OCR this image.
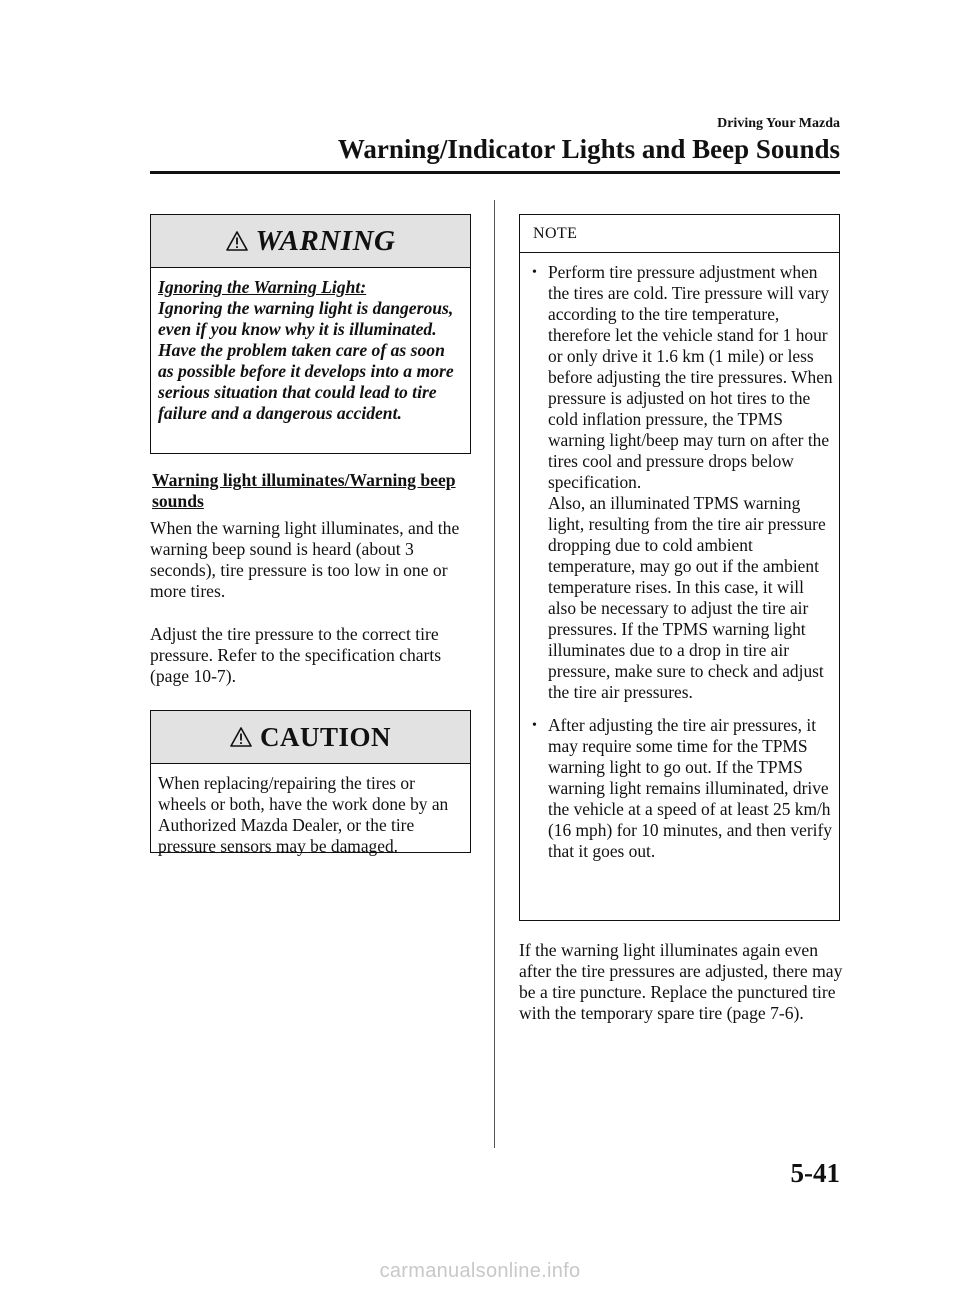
Driving Your Mazda
Warning/Indicator Lights and Beep Sounds
WARNING
Ignoring the Warning Light:
Ignoring the warning light is dangerous, even if you know why it is illuminated. Have the problem taken care of as soon as possible before it develops into a more serious situation that could lead to tire failure and a dangerous accident.
Warning light illuminates/Warning beep sounds
When the warning light illuminates, and the warning beep sound is heard (about 3 seconds), tire pressure is too low in one or more tires.
Adjust the tire pressure to the correct tire pressure. Refer to the specification charts (page 10-7).
CAUTION
When replacing/repairing the tires or wheels or both, have the work done by an Authorized Mazda Dealer, or the tire pressure sensors may be damaged.
NOTE
• Perform tire pressure adjustment when the tires are cold. Tire pressure will vary according to the tire temperature, therefore let the vehicle stand for 1 hour or only drive it 1.6 km (1 mile) or less before adjusting the tire pressures. When pressure is adjusted on hot tires to the cold inflation pressure, the TPMS warning light/beep may turn on after the tires cool and pressure drops below specification.
Also, an illuminated TPMS warning light, resulting from the tire air pressure dropping due to cold ambient temperature, may go out if the ambient temperature rises. In this case, it will also be necessary to adjust the tire air pressures. If the TPMS warning light illuminates due to a drop in tire air pressure, make sure to check and adjust the tire air pressures.
• After adjusting the tire air pressures, it may require some time for the TPMS warning light to go out. If the TPMS warning light remains illuminated, drive the vehicle at a speed of at least 25 km/h (16 mph) for 10 minutes, and then verify that it goes out.
If the warning light illuminates again even after the tire pressures are adjusted, there may be a tire puncture. Replace the punctured tire with the temporary spare tire (page 7-6).
5-41
carmanualsonline.info
